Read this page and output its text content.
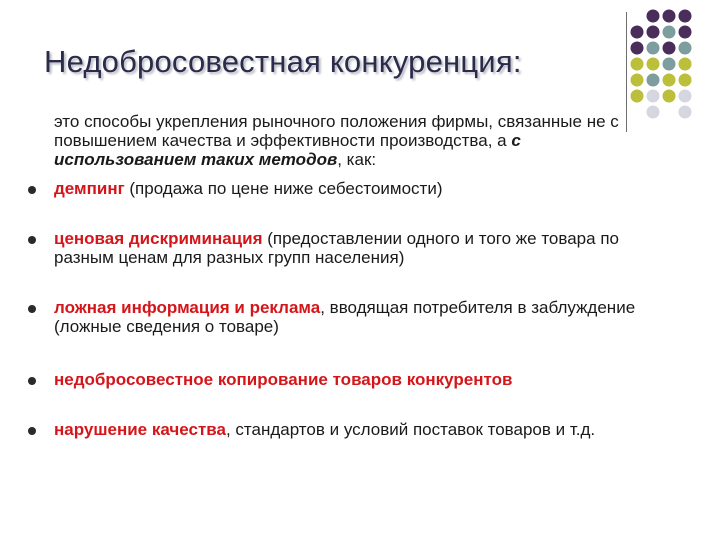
Недобросовестная конкуренция:

это способы укрепления рыночного положения фирмы, связанные не с повышением качества и эффективности производства, а с использованием таких методов, как:

демпинг (продажа по цене ниже себестоимости)
ценовая дискриминация (предоставлении одного и того же товара по разным ценам для разных групп населения)
ложная информация и реклама, вводящая потребителя в заблуждение (ложные сведения о товаре)
недобросовестное копирование товаров конкурентов
нарушение качества, стандартов и условий поставок товаров и т.д.
